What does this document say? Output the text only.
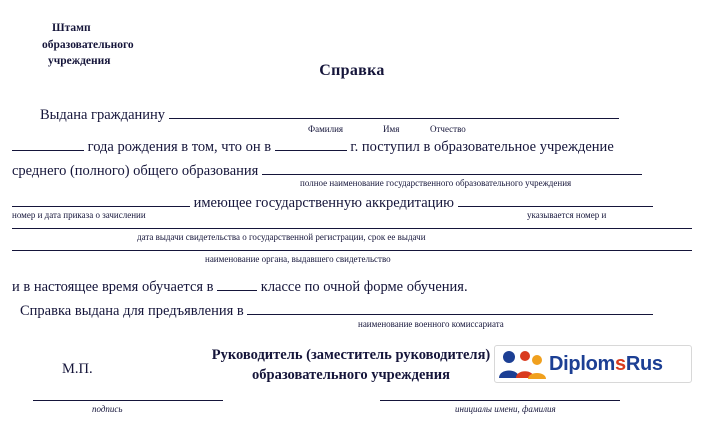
Штамп
образовательного
учреждения
Справка
Выдана гражданину
Фамилия	Имя	Отчество
года рождения в том, что он в	г. поступил в образовательное учреждение
среднего (полного) общего образования
полное наименование государственного образовательного учреждения
имеющее государственную аккредитацию
номер и дата приказа о зачислении	указывается номер и
дата выдачи свидетельства о государственной регистрации, срок ее выдачи
наименование органа, выдавшего свидетельство
и в настоящее время обучается в	классе по очной форме обучения.
Справка выдана для предъявления в
наименование военного комиссариата
М.П.
Руководитель (заместитель руководителя)
образовательного учреждения
подпись	инициалы имени, фамилия
DiplomsRus
